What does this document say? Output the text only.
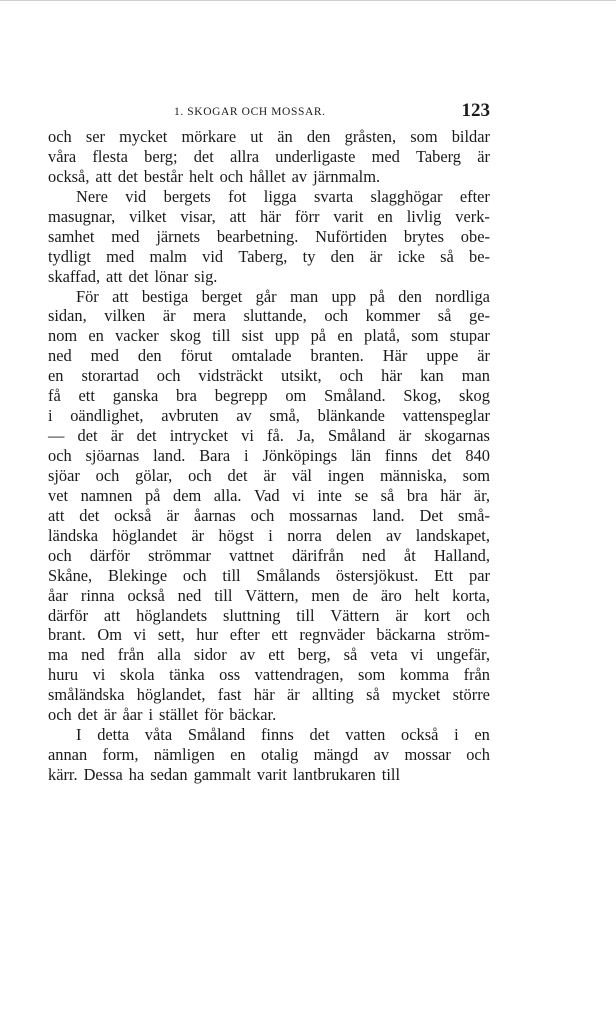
1. SKOGAR OCH MOSSAR.	123
och ser mycket mörkare ut än den gråsten, som bildar
våra flesta berg; det allra underligaste med Taberg är
också, att det består helt och hållet av järnmalm.
Nere vid bergets fot ligga svarta slagghögar efter
masugnar, vilket visar, att här förr varit en livlig verk-
samhet med järnets bearbetning. Nuförtiden brytes obe-
tydligt med malm vid Taberg, ty den är icke så be-
skaffad, att det lönar sig.
För att bestiga berget går man upp på den nordliga
sidan, vilken är mera sluttande, och kommer så ge-
nom en vacker skog till sist upp på en platå, som stupar
ned med den förut omtalade branten. Här uppe är
en storartad och vidsträckt utsikt, och här kan man
få ett ganska bra begrepp om Småland. Skog, skog
i oändlighet, avbruten av små, blänkande vattenspeglar
— det är det intrycket vi få. Ja, Småland är skogarnas
och sjöarnas land. Bara i Jönköpings län finns det 840
sjöar och gölar, och det är väl ingen människa, som
vet namnen på dem alla. Vad vi inte se så bra här är,
att det också är åarnas och mossarnas land. Det små-
ländska höglandet är högst i norra delen av landskapet,
och därför strömmar vattnet därifrån ned åt Halland,
Skåne, Blekinge och till Smålands östersjökust. Ett par
åar rinna också ned till Vättern, men de äro helt korta,
därför att höglandets sluttning till Vättern är kort och
brant. Om vi sett, hur efter ett regnväder bäckarna ström-
ma ned från alla sidor av ett berg, så veta vi ungefär,
huru vi skola tänka oss vattendragen, som komma från
småländska höglandet, fast här är allting så mycket större
och det är åar i stället för bäckar.
I detta våta Småland finns det vatten också i en
annan form, nämligen en otalig mängd av mossar och
kärr. Dessa ha sedan gammalt varit lantbrukaren till
